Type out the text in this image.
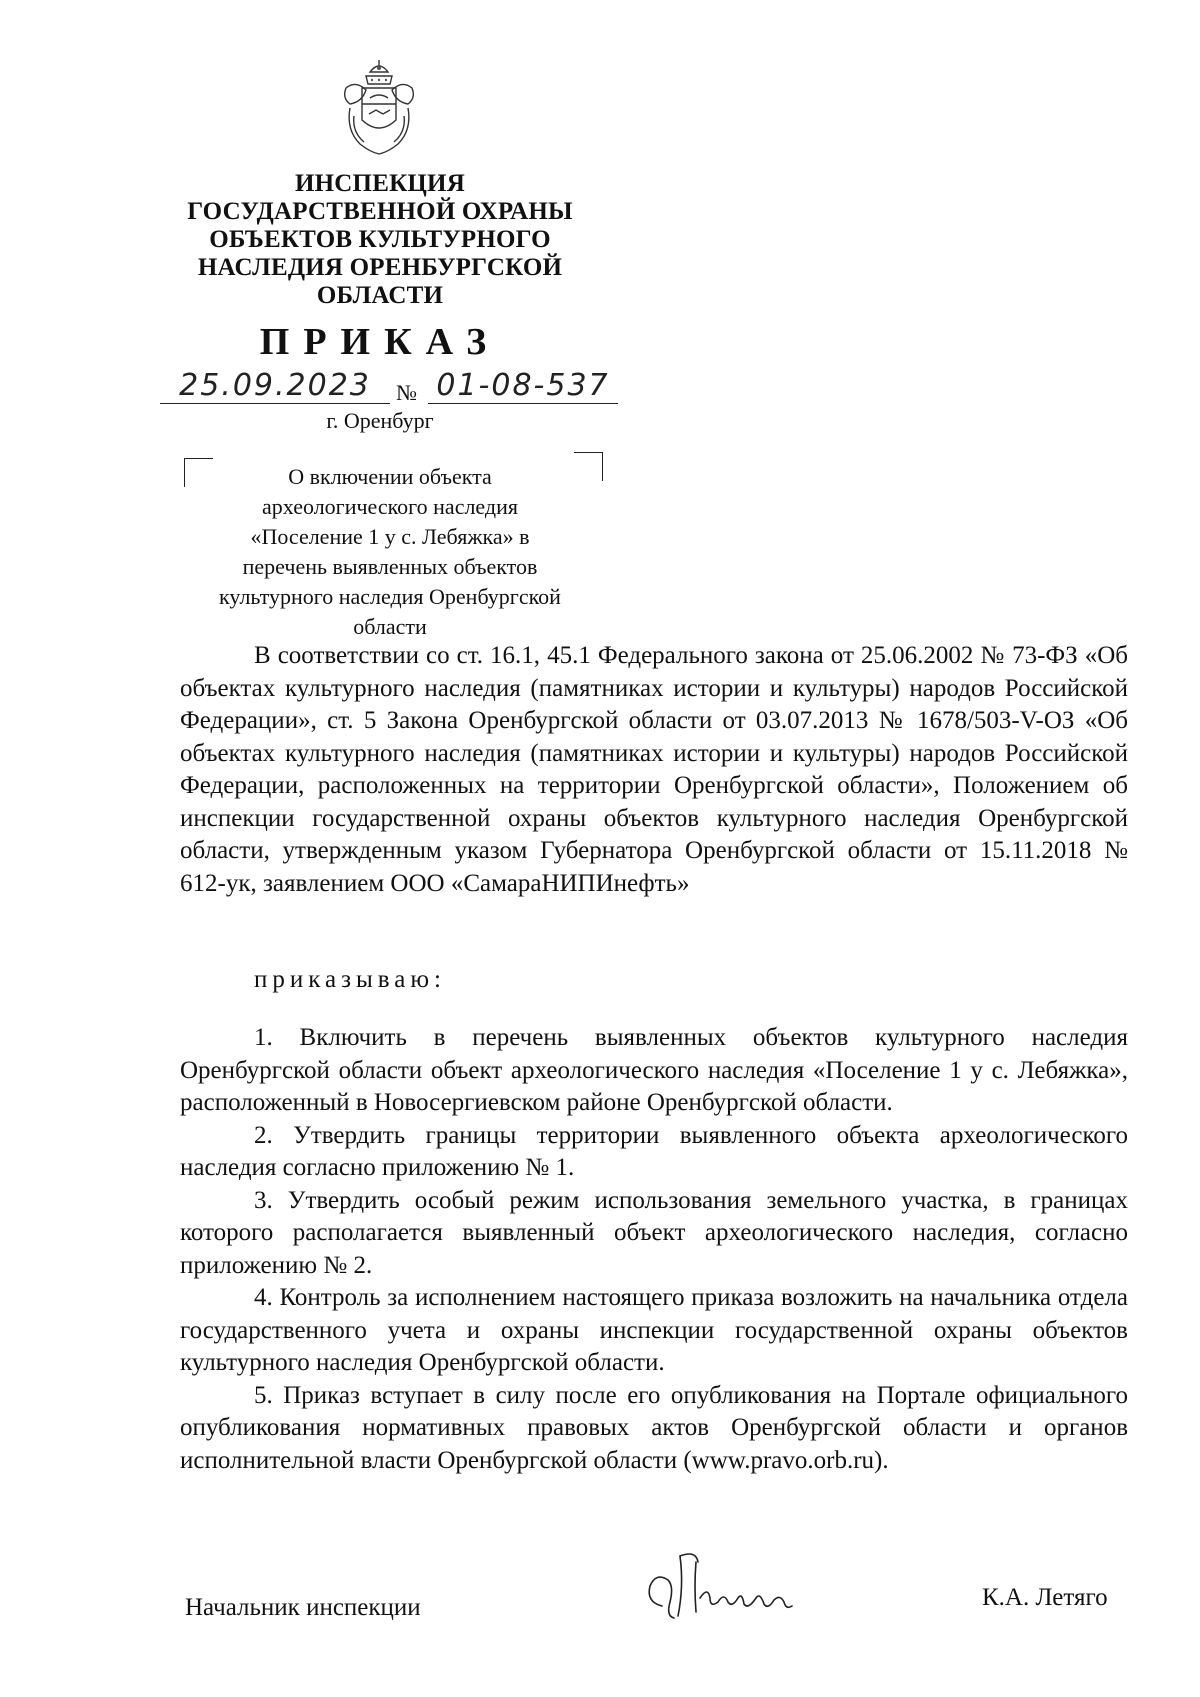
ИНСПЕКЦИЯ
ГОСУДАРСТВЕННОЙ ОХРАНЫ
ОБЪЕКТОВ КУЛЬТУРНОГО
НАСЛЕДИЯ ОРЕНБУРГСКОЙ
ОБЛАСТИ
ПРИКАЗ
25.09.2023	№ 01-08-537
г. Оренбург
О включении объекта
археологического наследия
«Поселение 1 у с. Лебяжка» в
перечень выявленных объектов
культурного наследия Оренбургской
области
В соответствии со ст. 16.1, 45.1 Федерального закона от 25.06.2002 № 73-ФЗ «Об объектах культурного наследия (памятниках истории и культуры) народов Российской Федерации», ст. 5 Закона Оренбургской области от 03.07.2013 № 1678/503-V-ОЗ «Об объектах культурного наследия (памятниках истории и культуры) народов Российской Федерации, расположенных на территории Оренбургской области», Положением об инспекции государственной охраны объектов культурного наследия Оренбургской области, утвержденным указом Губернатора Оренбургской области от 15.11.2018 № 612-ук, заявлением ООО «СамараНИПИнефть»
приказываю:

1. Включить в перечень выявленных объектов культурного наследия Оренбургской области объект археологического наследия «Поселение 1 у с. Лебяжка», расположенный в Новосергиевском районе Оренбургской области.

2. Утвердить границы территории выявленного объекта археологического наследия согласно приложению № 1.

3. Утвердить особый режим использования земельного участка, в границах которого располагается выявленный объект археологического наследия, согласно приложению № 2.

4. Контроль за исполнением настоящего приказа возложить на начальника отдела государственного учета и охраны инспекции государственной охраны объектов культурного наследия Оренбургской области.

5. Приказ вступает в силу после его опубликования на Портале официального опубликования нормативных правовых актов Оренбургской области и органов исполнительной власти Оренбургской области (www.pravo.orb.ru).

Начальник инспекции	К.А. Летяго
